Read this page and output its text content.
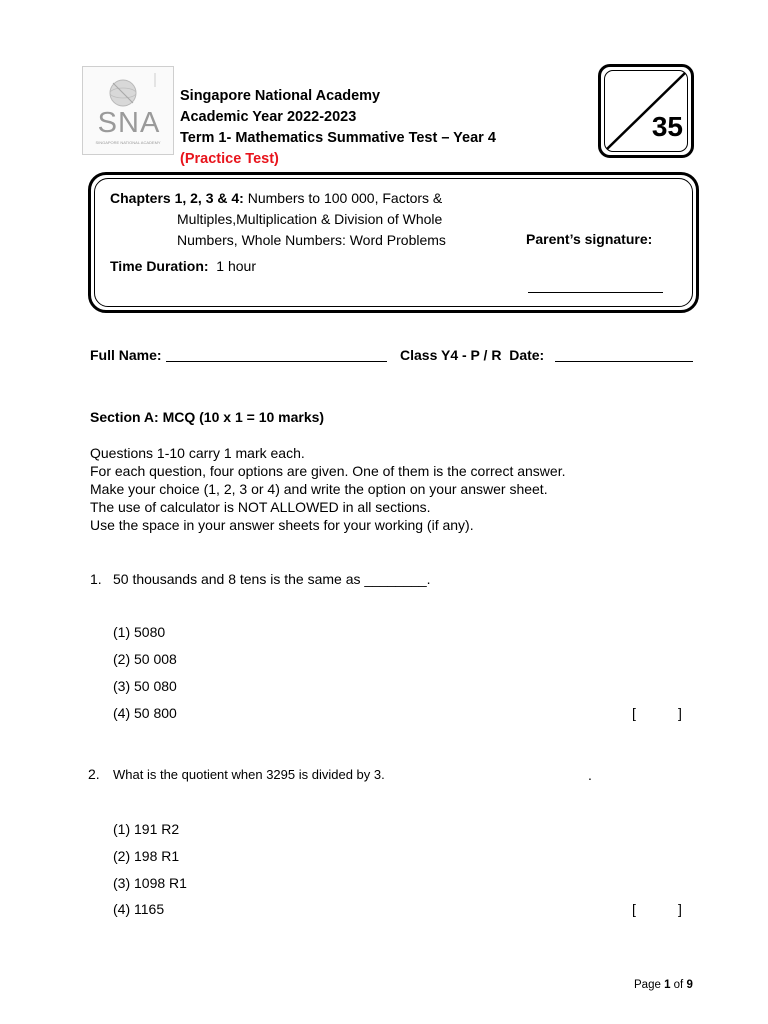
SNA
SINGAPORE NATIONAL ACADEMY
Singapore National Academy
Academic Year 2022-2023
Term 1- Mathematics Summative Test – Year 4
(Practice Test)
35
Chapters 1, 2, 3 & 4: Numbers to 100 000, Factors &
Multiples,Multiplication & Division of Whole
Numbers, Whole Numbers: Word Problems
Time Duration:  1 hour
Parent’s signature:
Full Name:	Class Y4 - P / R  Date:
Section A: MCQ (10 x 1 = 10 marks)
Questions 1-10 carry 1 mark each.
For each question, four options are given. One of them is the correct answer.
Make your choice (1, 2, 3 or 4) and write the option on your answer sheet.
The use of calculator is NOT ALLOWED in all sections.
Use the space in your answer sheets for your working (if any).
1. 50 thousands and 8 tens is the same as ________.
(1) 5080
(2) 50 008
(3) 50 080
(4) 50 800	[	]
2. What is the quotient when 3295 is divided by 3.	.
(1) 191 R2
(2) 198 R1
(3) 1098 R1
(4) 1165	[	]
Page 1 of 9
